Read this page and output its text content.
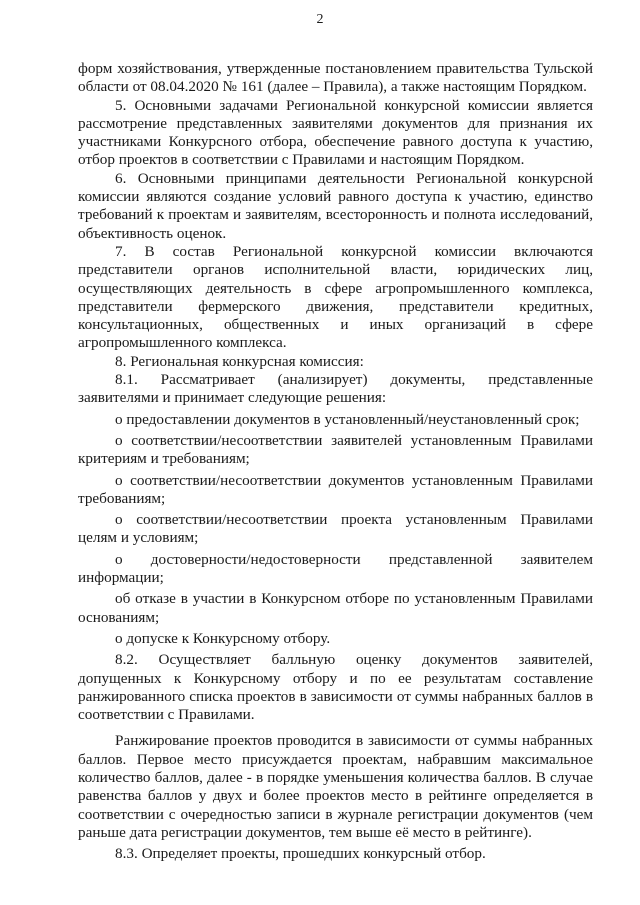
2

форм хозяйствования, утвержденные постановлением правительства Тульской области от 08.04.2020 № 161 (далее – Правила), а также настоящим Порядком.

5. Основными задачами Региональной конкурсной комиссии является рассмотрение представленных заявителями документов для признания их участниками Конкурсного отбора, обеспечение равного доступа к участию, отбор проектов в соответствии с Правилами и настоящим Порядком.

6. Основными принципами деятельности Региональной конкурсной комиссии являются создание условий равного доступа к участию, единство требований к проектам и заявителям, всесторонность и полнота исследований, объективность оценок.

7. В состав Региональной конкурсной комиссии включаются представители органов исполнительной власти, юридических лиц, осуществляющих деятельность в сфере агропромышленного комплекса, представители фермерского движения, представители кредитных, консультационных, общественных и иных организаций в сфере агропромышленного комплекса.

8. Региональная конкурсная комиссия:

8.1. Рассматривает (анализирует) документы, представленные заявителями и принимает следующие решения:

о предоставлении документов в установленный/неустановленный срок;

о соответствии/несоответствии заявителей установленным Правилами критериям и требованиям;

о соответствии/несоответствии документов установленным Правилами требованиям;

о соответствии/несоответствии проекта установленным Правилами целям и условиям;

о достоверности/недостоверности представленной заявителем информации;

об отказе в участии в Конкурсном отборе по установленным Правилами основаниям;

о допуске к Конкурсному отбору.

8.2. Осуществляет балльную оценку документов заявителей, допущенных к Конкурсному отбору и по ее результатам составление ранжированного списка проектов в зависимости от суммы набранных баллов в соответствии с Правилами.

Ранжирование проектов проводится в зависимости от суммы набранных баллов. Первое место присуждается проектам, набравшим максимальное количество баллов, далее - в порядке уменьшения количества баллов. В случае равенства баллов у двух и более проектов место в рейтинге определяется в соответствии с очередностью записи в журнале регистрации документов (чем раньше дата регистрации документов, тем выше её место в рейтинге).

8.3. Определяет проекты, прошедших конкурсный отбор.
